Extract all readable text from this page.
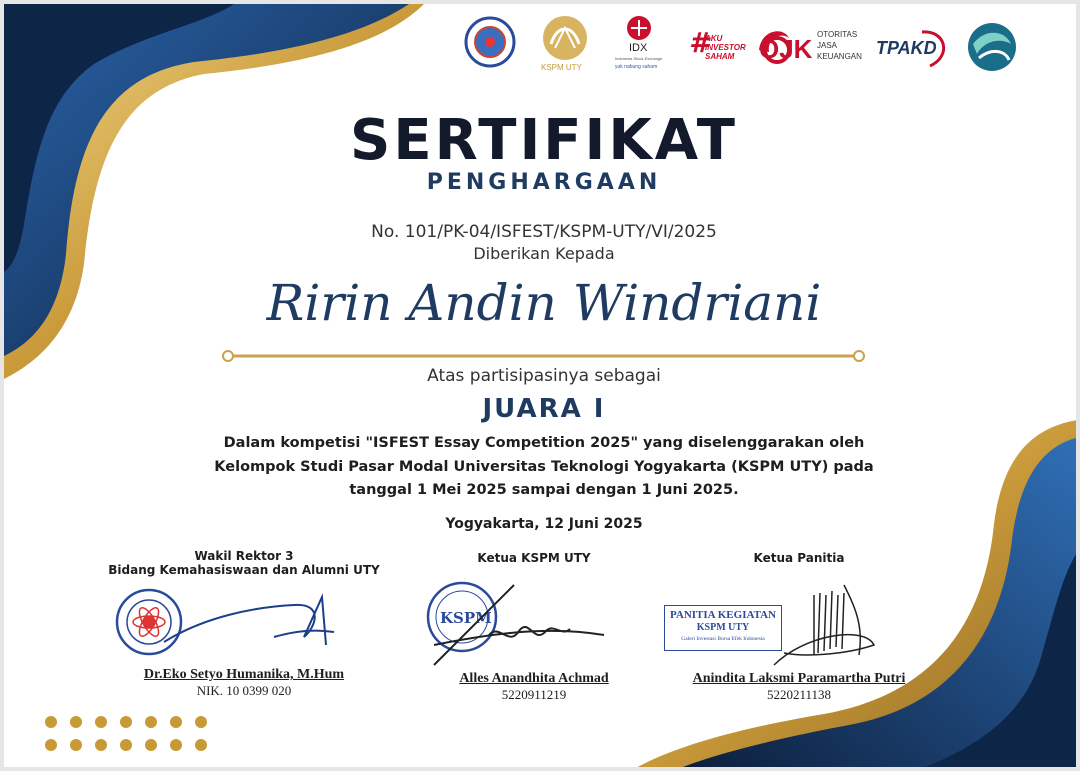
KSPM UTY
IDX
Indonesia Stock Exchange
yuk nabung saham
#
AKU INVESTOR SAHAM OJK OTORITAS
JASA
KEUANGAN TPAKD
SERTIFIKAT
PENGHARGAAN
No. 101/PK-04/ISFEST/KSPM-UTY/VI/2025
Diberikan Kepada
Ririn Andin Windriani
Atas partisipasinya sebagai
JUARA I
Dalam kompetisi "ISFEST Essay Competition 2025" yang diselenggarakan oleh
Kelompok Studi Pasar Modal Universitas Teknologi Yogyakarta (KSPM UTY) pada
tanggal 1 Mei 2025 sampai dengan 1 Juni 2025.
Yogyakarta, 12 Juni 2025
Wakil Rektor 3
Bidang Kemahasiswaan dan Alumni UTY
Dr.Eko Setyo Humanika, M.Hum
NIK. 10 0399 020
Ketua KSPM UTY
KSPM
Alles Anandhita Achmad
5220911219
Ketua Panitia
PANITIA KEGIATAN
KSPM UTY
Galeri Investasi Bursa Efek Indonesia
Anindita Laksmi Paramartha Putri
5220211138
